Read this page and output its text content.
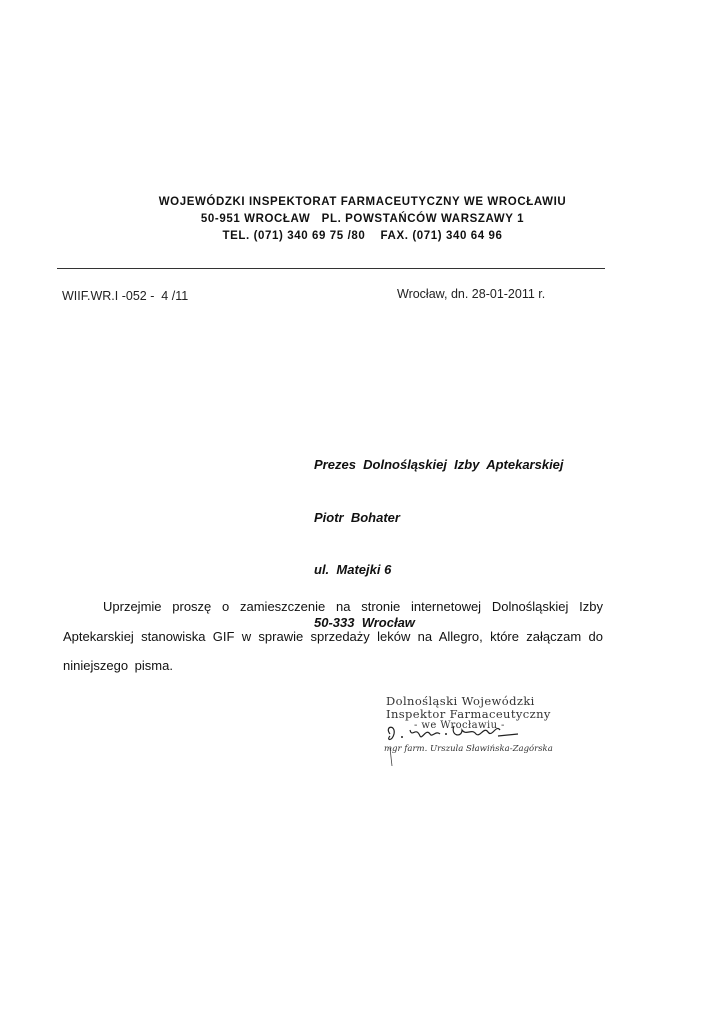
WOJEWÓDZKI INSPEKTORAT FARMACEUTYCZNY WE WROCŁAWIU
50-951 WROCŁAW   PL. POWSTAŃCÓW WARSZAWY 1
TEL. (071) 340 69 75 /80    FAX. (071) 340 64 96
WIIF.WR.I -052 -  4 /11	Wrocław, dn. 28-01-2011 r.

Prezes  Dolnośląskiej  Izby  Aptekarskiej

Piotr  Bohater

ul.  Matejki 6

50-333  Wrocław

Uprzejmie proszę o zamieszczenie na stronie internetowej Dolnośląskiej Izby Aptekarskiej stanowiska GIF w sprawie sprzedaży leków na Allegro, które załączam do niniejszego pisma.
Dolnośląski Wojewódzki
Inspektor Farmaceutyczny
- we Wrocławiu -
mgr farm. Urszula Sławińska-Zagórska
